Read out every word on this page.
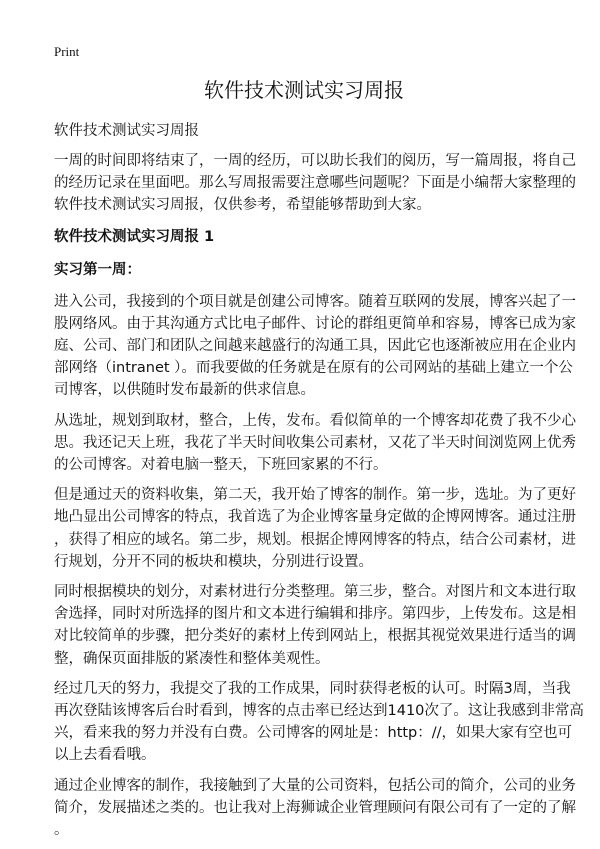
Print
软件技术测试实习周报
软件技术测试实习周报
一周的时间即将结束了，一周的经历，可以助长我们的阅历，写一篇周报，将自己
的经历记录在里面吧。那么写周报需要注意哪些问题呢？下面是小编帮大家整理的
软件技术测试实习周报，仅供参考，希望能够帮助到大家。
软件技术测试实习周报 1
实习第一周：
进入公司，我接到的个项目就是创建公司博客。随着互联网的发展，博客兴起了一
股网络风。由于其沟通方式比电子邮件、讨论的群组更简单和容易，博客已成为家
庭、公司、部门和团队之间越来越盛行的沟通工具，因此它也逐渐被应用在企业内
部网络（intranet ）。而我要做的任务就是在原有的公司网站的基础上建立一个公
司博客，以供随时发布最新的供求信息。
从选址，规划到取材，整合，上传，发布。看似简单的一个博客却花费了我不少心
思。我还记天上班，我花了半天时间收集公司素材，又花了半天时间浏览网上优秀
的公司博客。对着电脑一整天，下班回家累的不行。
但是通过天的资料收集，第二天，我开始了博客的制作。第一步，选址。为了更好
地凸显出公司博客的特点，我首选了为企业博客量身定做的企博网博客。通过注册
，获得了相应的域名。第二步，规划。根据企博网博客的特点，结合公司素材，进
行规划，分开不同的板块和模块，分别进行设置。
同时根据模块的划分，对素材进行分类整理。第三步，整合。对图片和文本进行取
舍选择，同时对所选择的图片和文本进行编辑和排序。第四步，上传发布。这是相
对比较简单的步骤，把分类好的素材上传到网站上，根据其视觉效果进行适当的调
整，确保页面排版的紧凑性和整体美观性。
经过几天的努力，我提交了我的工作成果，同时获得老板的认可。时隔3周，当我
再次登陆该博客后台时看到，博客的点击率已经达到1410次了。这让我感到非常高
兴，看来我的努力并没有白费。公司博客的网址是：http：//，如果大家有空也可
以上去看看哦。
通过企业博客的制作，我接触到了大量的公司资料，包括公司的简介，公司的业务
简介，发展描述之类的。也让我对上海狮诚企业管理顾问有限公司有了一定的了解
。
